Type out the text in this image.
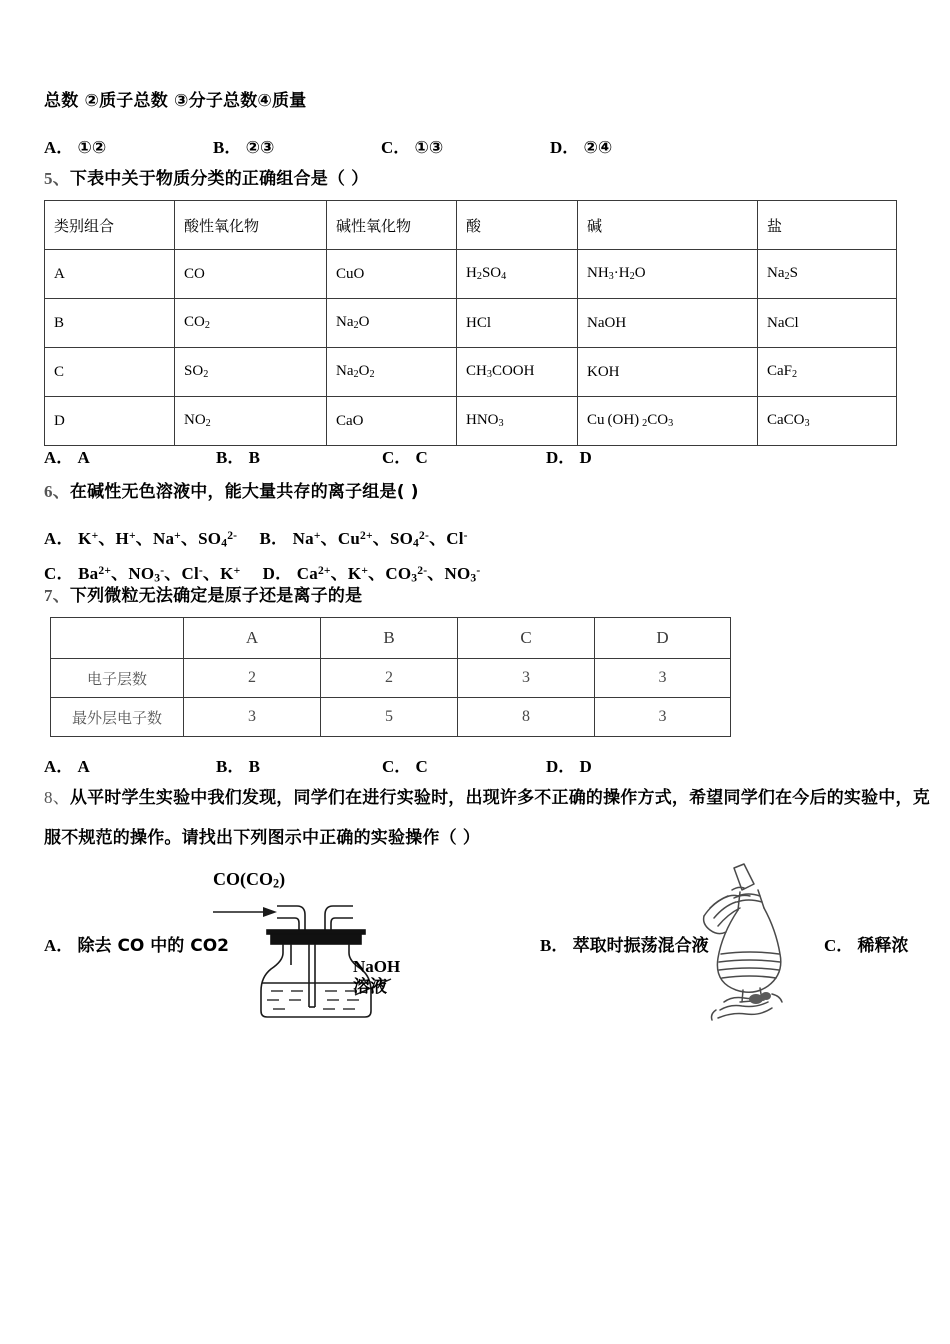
总数 ②质子总数 ③分子总数④质量
A． ①②	B． ②③	C． ①③	D． ②④
5、下表中关于物质分类的正确组合是（ ）
类别组合	酸性氧化物	碱性氧化物	酸	碱	盐
A	CO	CuO	$H_2SO_4$	$NH_3\cdot H_2O$	$Na_2S$
B	$CO_2$	$Na_2O$	HCl	NaOH	NaCl
C	$SO_2$	$Na_2O_2$	$CH_3COOH$	KOH	CaF$_2$
D	$NO_2$	CaO	$HNO_3$	Cu (OH) $_2CO_3$	CaCO$_3$
A． A	B． B	C． C	D． D
6、在碱性无色溶液中，能大量共存的离子组是( )
A． K+、H+、Na+、$SO_4^{2-}$ B． Na+、$Cu^{2+}$、$SO_4^{2-}$、Cl-
C． $Ba^{2+}$、$NO_3^-$、Cl-、K+ D． $Ca^{2+}$、K+、$CO_3^{2-}$、$NO_3^-$
7、下列微粒无法确定是原子还是离子的是
	A	B	C	D
电子层数	2	2	3	3
最外层电子数	3	5	8	3
A． A	B． B	C． C	D． D
8、从平时学生实验中我们发现，同学们在进行实验时，出现许多不正确的操作方式，希望同学们在今后的实验中，克
服不规范的操作。请找出下列图示中正确的实验操作（ ）
$CO(CO_2)$
NaOH
溶液
A． 除去 CO 中的 CO2	B． 萃取时振荡混合液	C． 稀释浓
